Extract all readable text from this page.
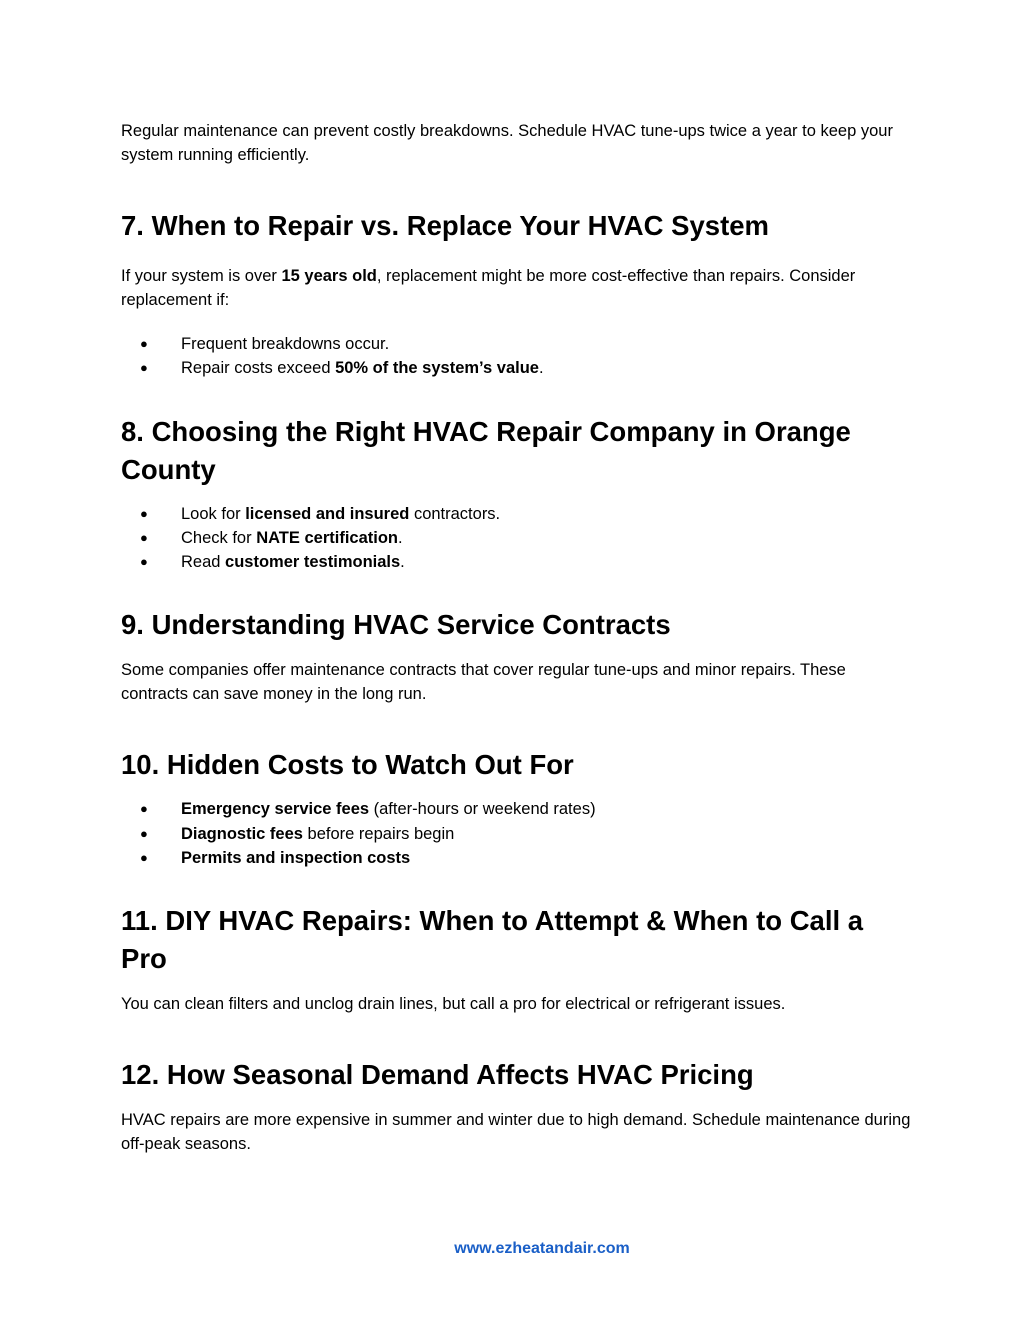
Regular maintenance can prevent costly breakdowns. Schedule HVAC tune-ups twice a year to keep your system running efficiently.

7. When to Repair vs. Replace Your HVAC System

If your system is over 15 years old, replacement might be more cost-effective than repairs. Consider replacement if:

● Frequent breakdowns occur.
● Repair costs exceed 50% of the system’s value.
8. Choosing the Right HVAC Repair Company in Orange County
● Look for licensed and insured contractors.
● Check for NATE certification.
● Read customer testimonials.
9. Understanding HVAC Service Contracts

Some companies offer maintenance contracts that cover regular tune-ups and minor repairs. These contracts can save money in the long run.

10. Hidden Costs to Watch Out For
● Emergency service fees (after-hours or weekend rates)
● Diagnostic fees before repairs begin
● Permits and inspection costs
11. DIY HVAC Repairs: When to Attempt & When to Call a Pro

You can clean filters and unclog drain lines, but call a pro for electrical or refrigerant issues.

12. How Seasonal Demand Affects HVAC Pricing

HVAC repairs are more expensive in summer and winter due to high demand. Schedule maintenance during off-peak seasons.

www.ezheatandair.com
